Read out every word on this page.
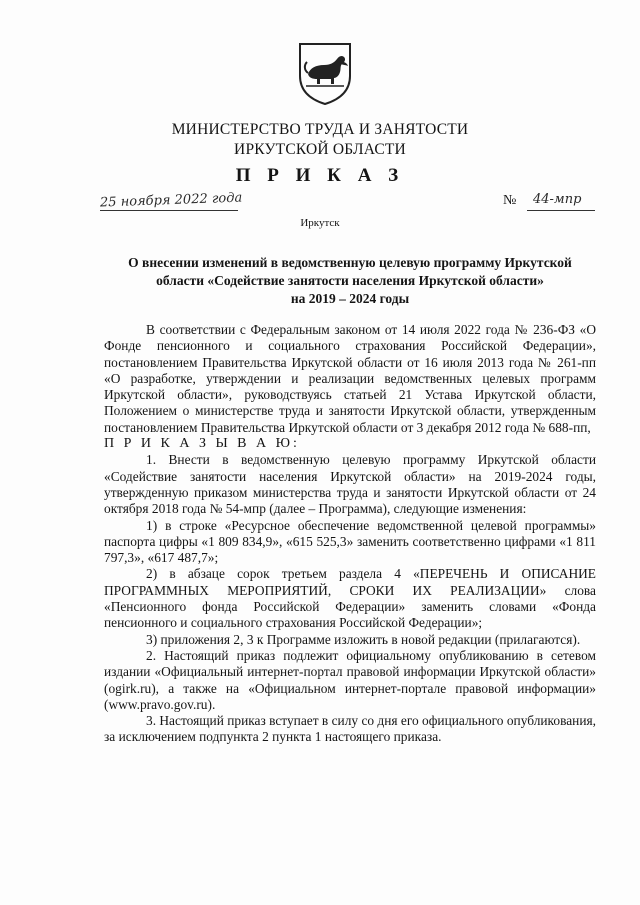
МИНИСТЕРСТВО ТРУДА И ЗАНЯТОСТИ
ИРКУТСКОЙ ОБЛАСТИ
П Р И К А З
25 ноября 2022 года	№ 44-мпр
Иркутск
О внесении изменений в ведомственную целевую программу Иркутской
области «Содействие занятости населения Иркутской области»
на 2019 – 2024 годы

В соответствии с Федеральным законом от 14 июля 2022 года № 236-ФЗ «О Фонде пенсионного и социального страхования Российской Федерации», постановлением Правительства Иркутской области от 16 июля 2013 года № 261-пп «О разработке, утверждении и реализации ведомственных целевых программ Иркутской области», руководствуясь статьей 21 Устава Иркутской области, Положением о министерстве труда и занятости Иркутской области, утвержденным постановлением Правительства Иркутской области от 3 декабря 2012 года № 688-пп,

П Р И К А З Ы В А Ю:

1. Внести в ведомственную целевую программу Иркутской области «Содействие занятости населения Иркутской области» на 2019-2024 годы, утвержденную приказом министерства труда и занятости Иркутской области от 24 октября 2018 года № 54-мпр (далее – Программа), следующие изменения:

1) в строке «Ресурсное обеспечение ведомственной целевой программы» паспорта цифры «1 809 834,9», «615 525,3» заменить соответственно цифрами «1 811 797,3», «617 487,7»;

2) в абзаце сорок третьем раздела 4 «ПЕРЕЧЕНЬ И ОПИСАНИЕ ПРОГРАММНЫХ МЕРОПРИЯТИЙ, СРОКИ ИХ РЕАЛИЗАЦИИ» слова «Пенсионного фонда Российской Федерации» заменить словами «Фонда пенсионного и социального страхования Российской Федерации»;

3) приложения 2, 3 к Программе изложить в новой редакции (прилагаются).

2. Настоящий приказ подлежит официальному опубликованию в сетевом издании «Официальный интернет-портал правовой информации Иркутской области» (ogirk.ru), а также на «Официальном интернет-портале правовой информации» (www.pravo.gov.ru).

3. Настоящий приказ вступает в силу со дня его официального опубликования, за исключением подпункта 2 пункта 1 настоящего приказа.
